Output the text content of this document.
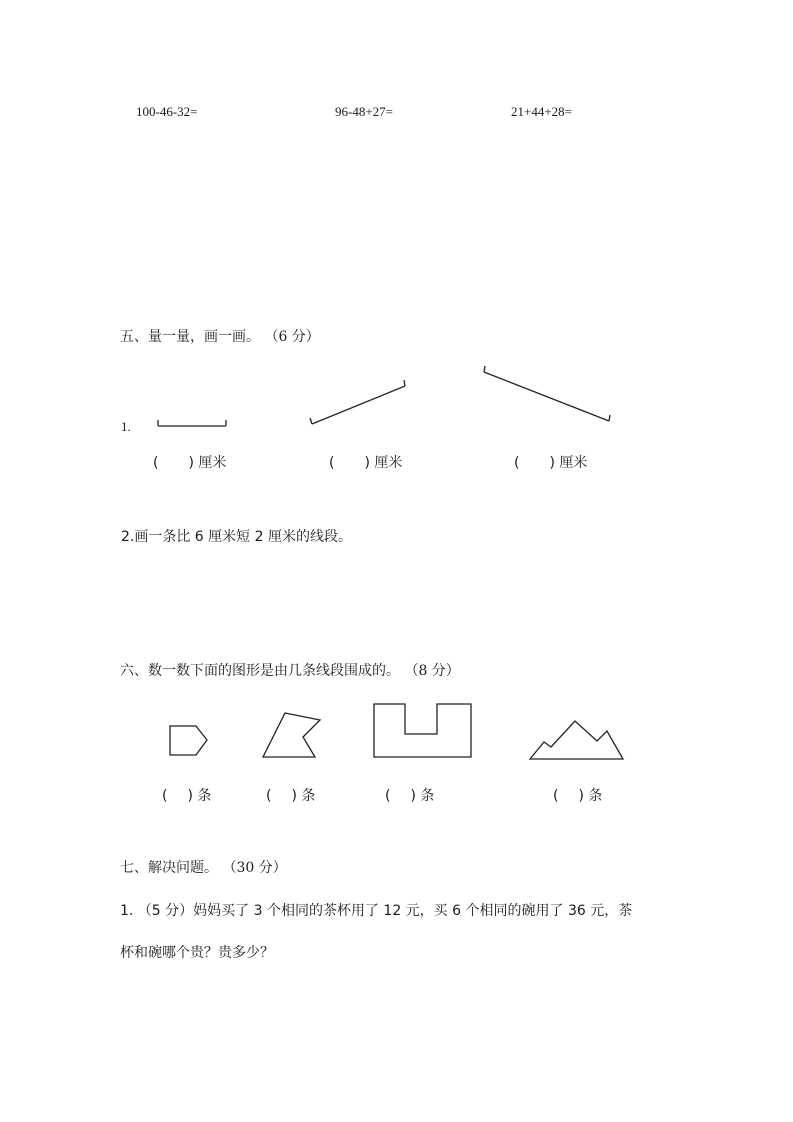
100-46-32=	96-48+27=	21+44+28=
五、量一量，画一画。 （6 分）
1.
( ) 厘米	( ) 厘米	( ) 厘米
2.画一条比 6 厘米短 2 厘米的线段。
六、数一数下面的图形是由几条线段围成的。 （8 分）
( ) 条	( ) 条	( ) 条	( ) 条
七、解决问题。 （30 分）
1. （5 分）妈妈买了 3 个相同的茶杯用了 12 元，买 6 个相同的碗用了 36 元，茶
杯和碗哪个贵？贵多少？
